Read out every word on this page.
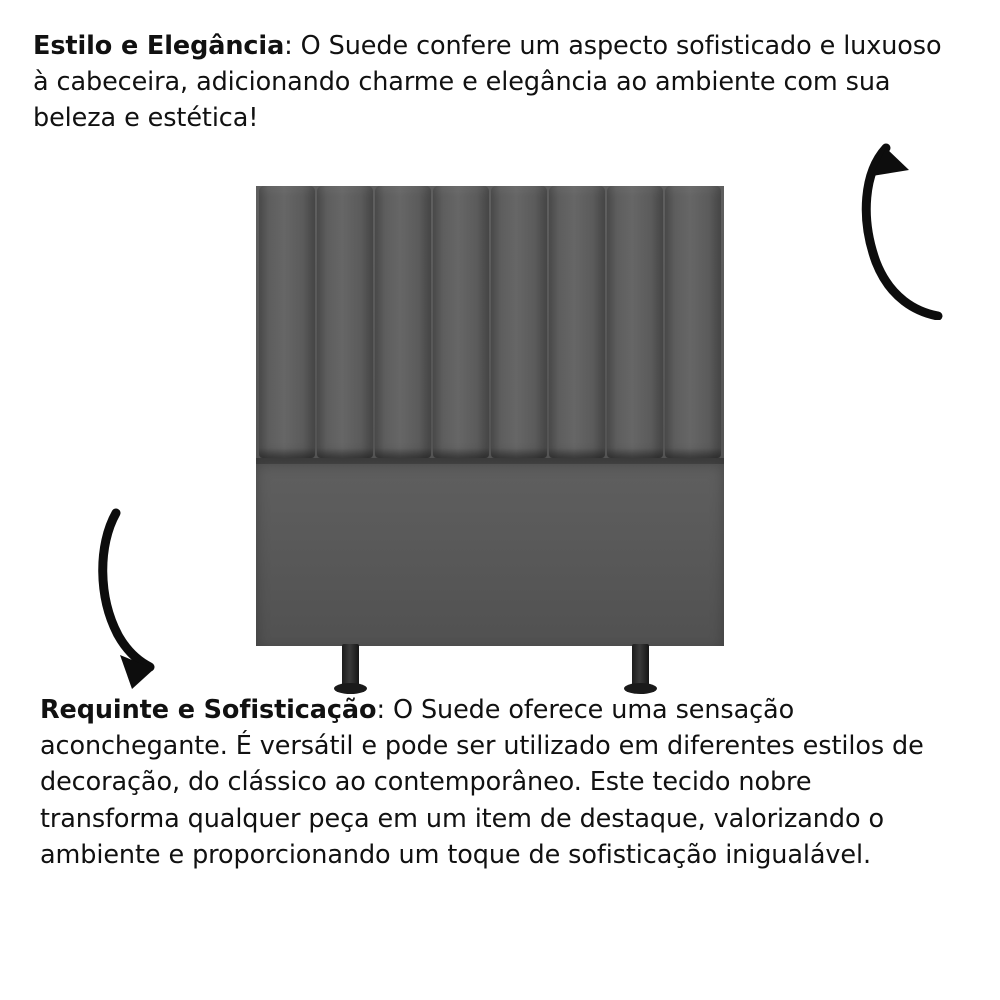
Estilo e Elegância: O Suede confere um aspecto sofisticado e luxuoso à cabeceira, adicionando charme e elegância ao ambiente com sua beleza e estética!
Requinte e Sofisticação: O Suede oferece uma sensação aconchegante. É versátil e pode ser utilizado em diferentes estilos de decoração, do clássico ao contemporâneo. Este tecido nobre transforma qualquer peça em um item de destaque, valorizando o ambiente e proporcionando um toque de sofisticação inigualável.
